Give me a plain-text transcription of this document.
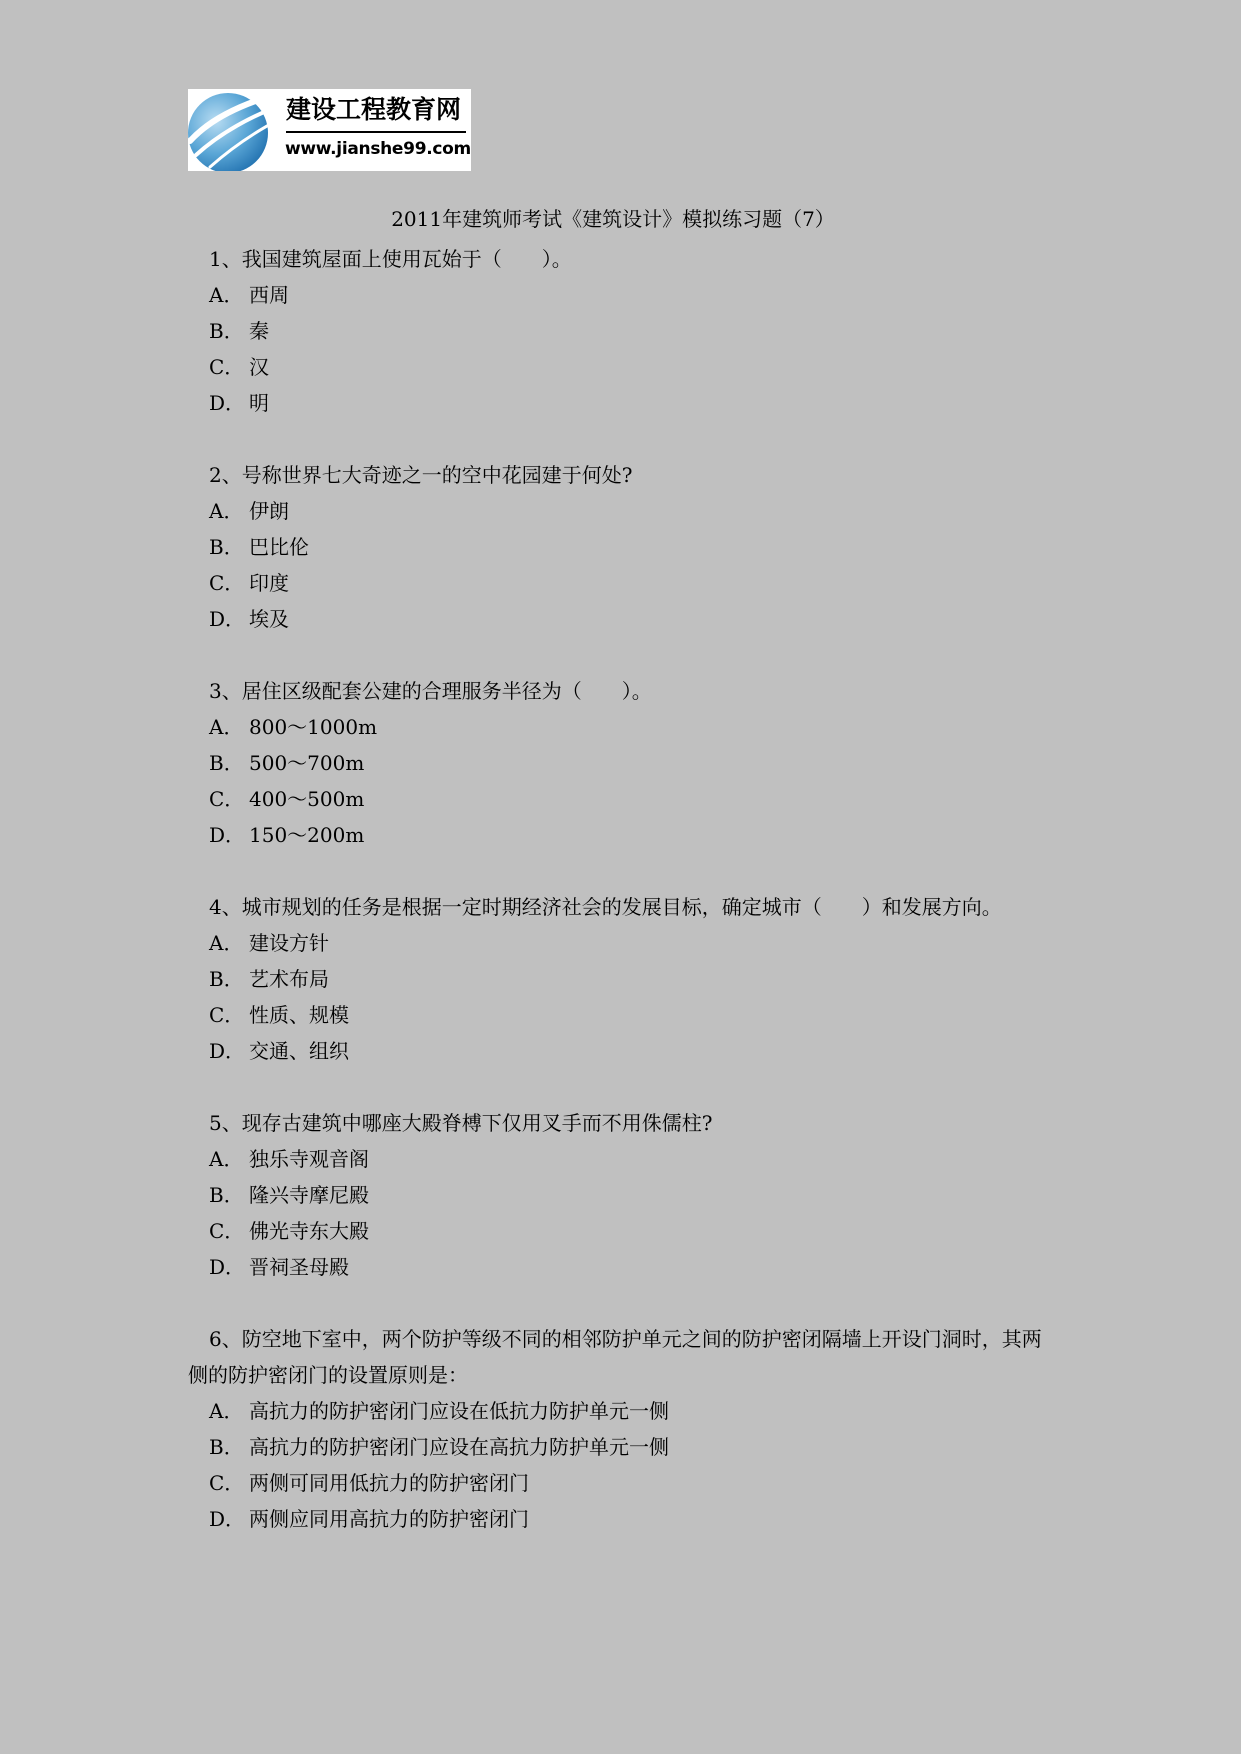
建设工程教育网
www.jianshe99.com
2011年建筑师考试《建筑设计》模拟练习题（7）

1、我国建筑屋面上使用瓦始于（　　）。

A． 西周

B． 秦

C． 汉

D． 明

2、号称世界七大奇迹之一的空中花园建于何处?

A． 伊朗

B． 巴比伦

C． 印度

D． 埃及

3、居住区级配套公建的合理服务半径为（　　）。

A． 800～1000m

B． 500～700m

C． 400～500m

D． 150～200m

4、城市规划的任务是根据一定时期经济社会的发展目标，确定城市（　　）和发展方向。

A． 建设方针

B． 艺术布局

C． 性质、规模

D． 交通、组织

5、现存古建筑中哪座大殿脊榑下仅用叉手而不用侏儒柱?

A． 独乐寺观音阁

B． 隆兴寺摩尼殿

C． 佛光寺东大殿

D． 晋祠圣母殿

6、防空地下室中，两个防护等级不同的相邻防护单元之间的防护密闭隔墙上开设门洞时，其两侧的防护密闭门的设置原则是：

A． 高抗力的防护密闭门应设在低抗力防护单元一侧

B． 高抗力的防护密闭门应设在高抗力防护单元一侧

C． 两侧可同用低抗力的防护密闭门

D． 两侧应同用高抗力的防护密闭门
